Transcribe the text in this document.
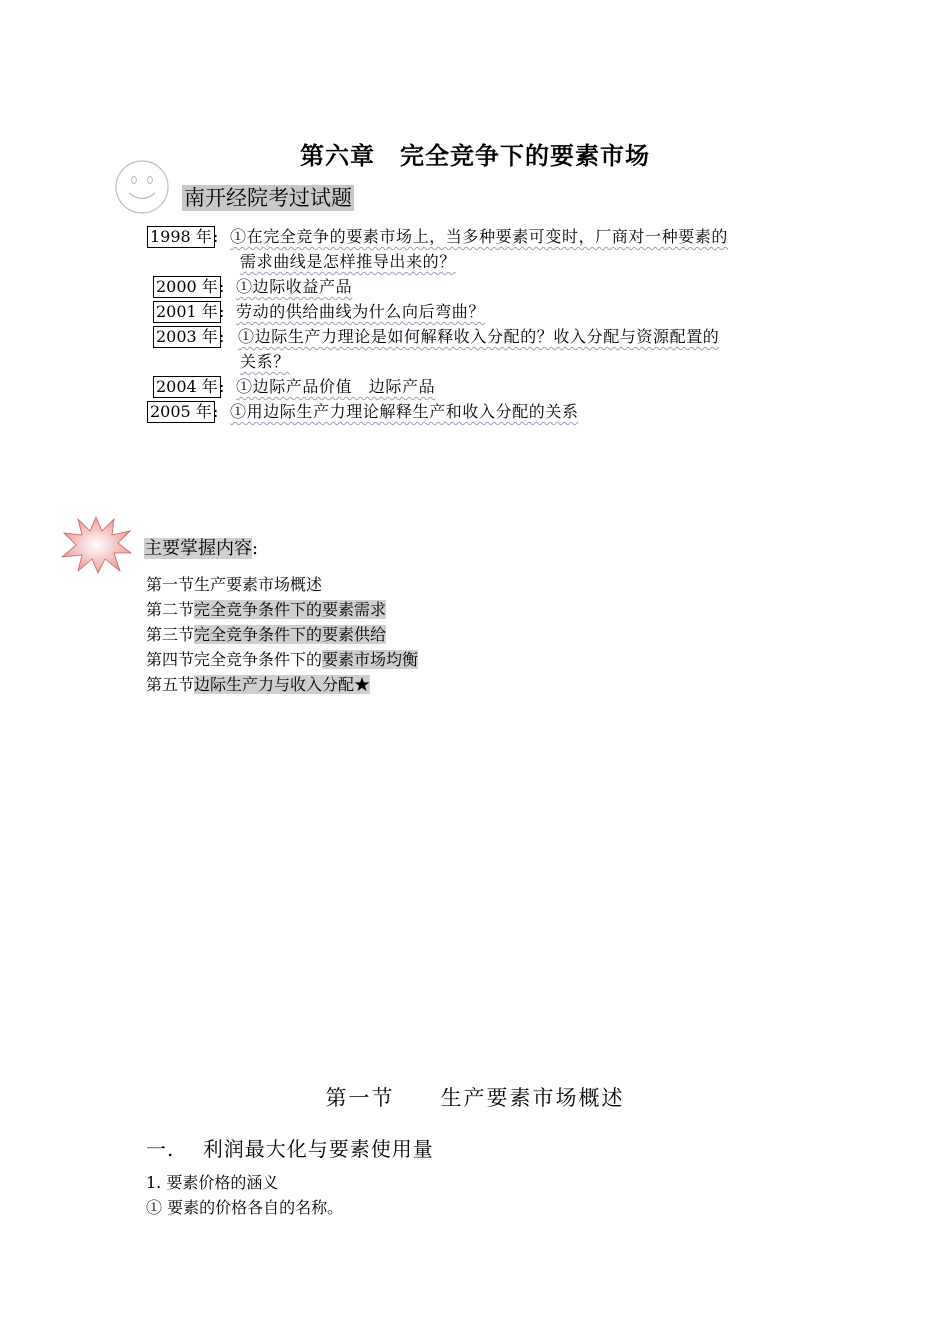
第六章　完全竞争下的要素市场
南开经院考过试题
1998 年 : ①在完全竞争的要素市场上，当多种要素可变时，厂商对一种要素的
需求曲线是怎样推导出来的？
2000 年 : ①边际收益产品
2001 年 : 劳动的供给曲线为什么向后弯曲？
2003 年 : ①边际生产力理论是如何解释收入分配的？收入分配与资源配置的
关系？
2004 年 : ①边际产品价值　边际产品
2005 年 : ①用边际生产力理论解释生产和收入分配的关系
主要掌握内容:
第一节生产要素市场概述
第二节完全竞争条件下的要素需求
第三节完全竞争条件下的要素供给
第四节完全竞争条件下的要素市场均衡
第五节边际生产力与收入分配★
第一节　　生产要素市场概述
一.　 利润最大化与要素使用量
1. 要素价格的涵义
① 要素的价格各自的名称。
